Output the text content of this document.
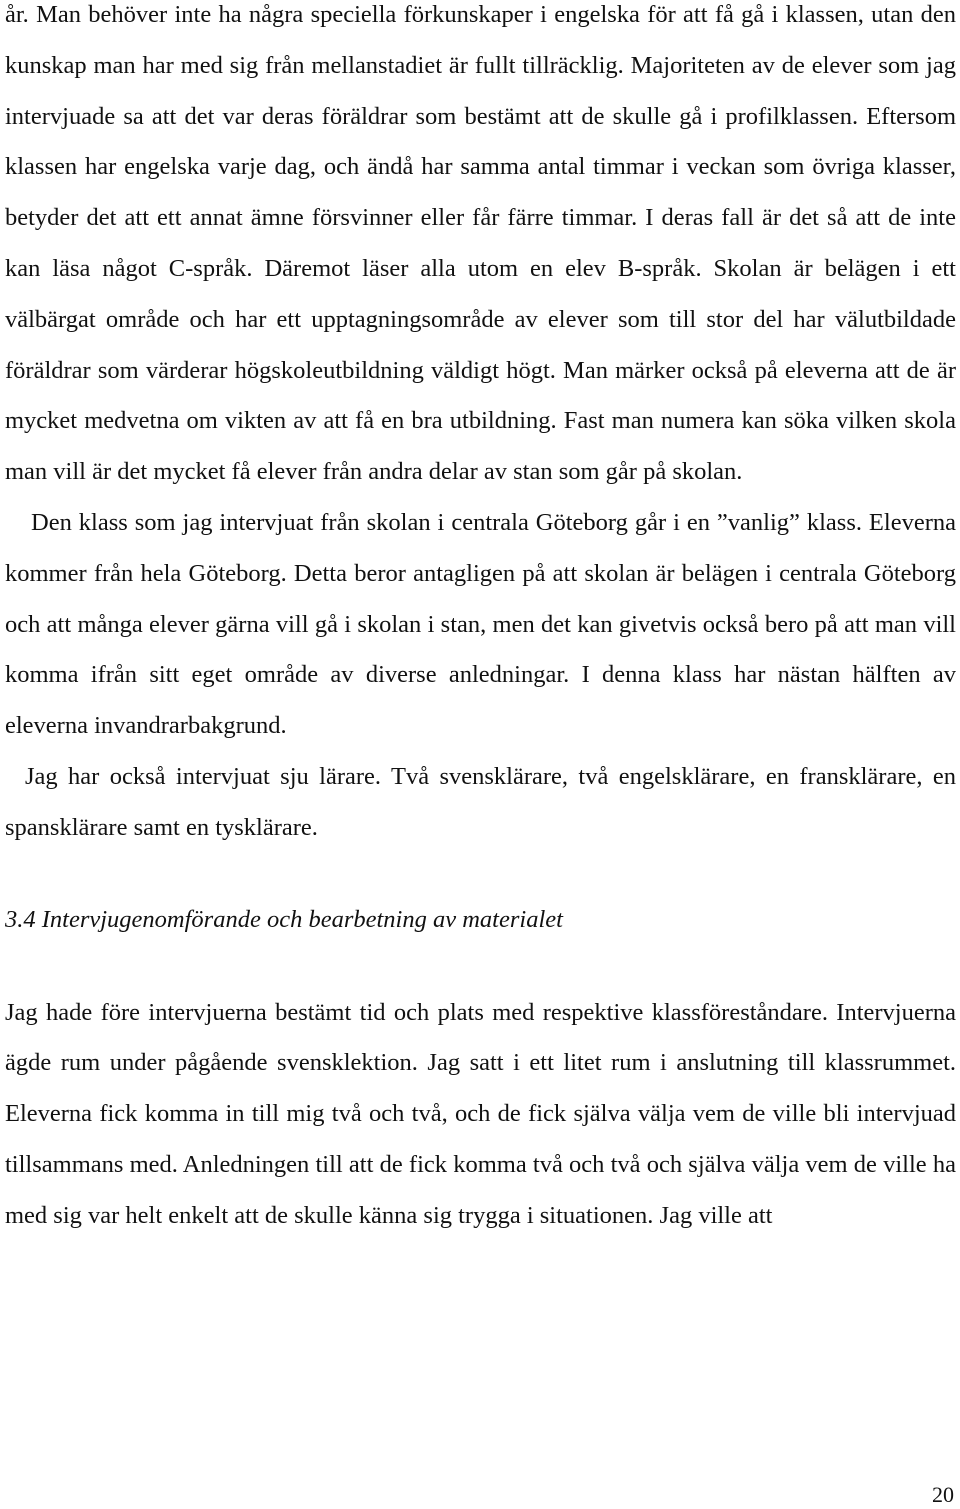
år. Man behöver inte ha några speciella förkunskaper i engelska för att få gå i klassen, utan den kunskap man har med sig från mellanstadiet är fullt tillräcklig. Majoriteten av de elever som jag intervjuade sa att det var deras föräldrar som bestämt att de skulle gå i profilklassen. Eftersom klassen har engelska varje dag, och ändå har samma antal timmar i veckan som övriga klasser, betyder det att ett annat ämne försvinner eller får färre timmar. I deras fall är det så att de inte kan läsa något C-språk. Däremot läser alla utom en elev B-språk. Skolan är belägen i ett välbärgat område och har ett upptagningsområde av elever som till stor del har välutbildade föräldrar som värderar högskoleutbildning väldigt högt. Man märker också på eleverna att de är mycket medvetna om vikten av att få en bra utbildning. Fast man numera kan söka vilken skola man vill är det mycket få elever från andra delar av stan som går på skolan.

Den klass som jag intervjuat från skolan i centrala Göteborg går i en ”vanlig” klass. Eleverna kommer från hela Göteborg. Detta beror antagligen på att skolan är belägen i centrala Göteborg och att många elever gärna vill gå i skolan i stan, men det kan givetvis också bero på att man vill komma ifrån sitt eget område av diverse anledningar. I denna klass har nästan hälften av eleverna invandrarbakgrund.

Jag har också intervjuat sju lärare. Två svensklärare, två engelsklärare, en fransklärare, en spansklärare samt en tysklärare.

3.4 Intervjugenomförande och bearbetning av materialet

Jag hade före intervjuerna bestämt tid och plats med respektive klassföreståndare. Intervjuerna ägde rum under pågående svensklektion. Jag satt i ett litet rum i anslutning till klassrummet. Eleverna fick komma in till mig två och två, och de fick själva välja vem de ville bli intervjuad tillsammans med. Anledningen till att de fick komma två och två och själva välja vem de ville ha med sig var helt enkelt att de skulle känna sig trygga i situationen. Jag ville att

20
